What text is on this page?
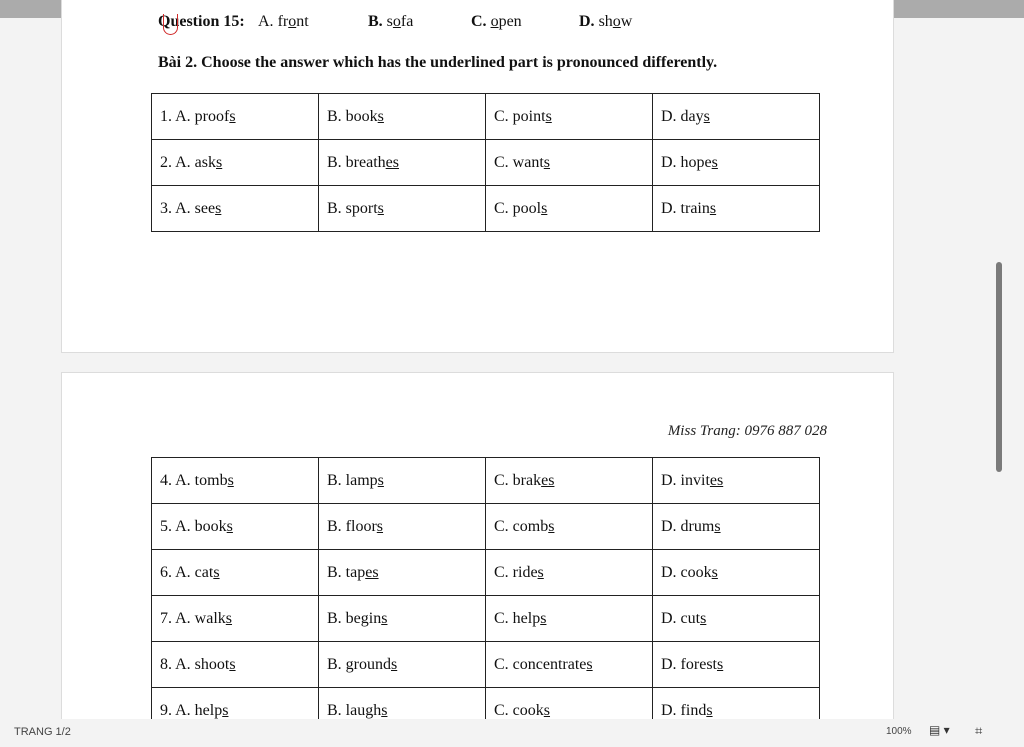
Question 15: A. front	B. sofa	C. open	D. show
Bài 2. Choose the answer which has the underlined part is pronounced differently.
1. A. proofs	B. books	C. points	D. days
2. A. asks	B. breathes	C. wants	D. hopes
3. A. sees	B. sports	C. pools	D. trains
Miss Trang: 0976 887 028
4. A. tombs	B. lamps	C. brakes	D. invites
5. A. books	B. floors	C. combs	D. drums
6. A. cats	B. tapes	C. rides	D. cooks
7. A. walks	B. begins	C. helps	D. cuts
8. A. shoots	B. grounds	C. concentrates	D. forests
9. A. helps	B. laughs	C. cooks	D. finds
TRANG 1/2	100% ▤ ▾	⌗
